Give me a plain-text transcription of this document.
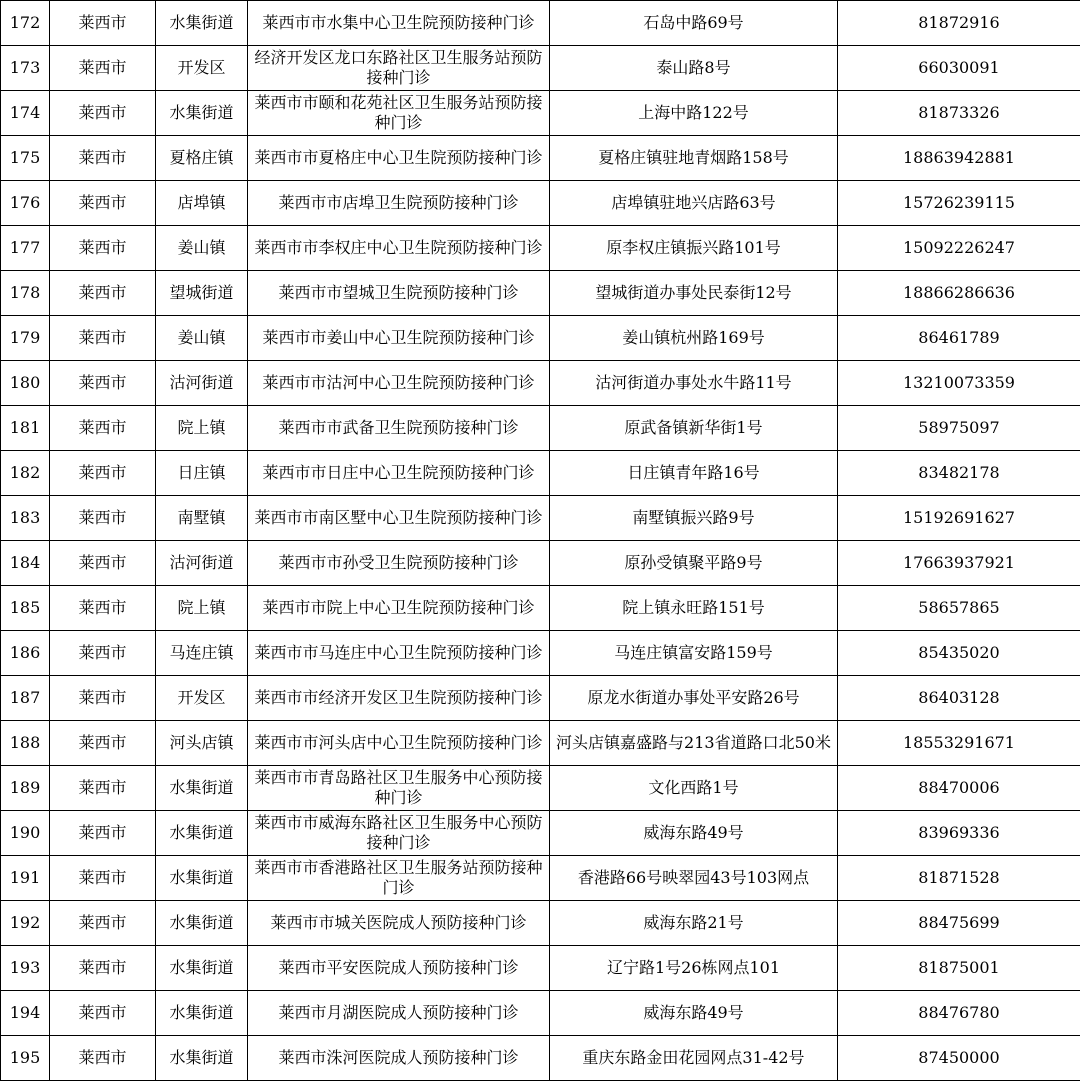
172	莱西市	水集街道	莱西市市水集中心卫生院预防接种门诊	石岛中路69号	81872916
173	莱西市	开发区	经济开发区龙口东路社区卫生服务站预防接种门诊	泰山路8号	66030091
174	莱西市	水集街道	莱西市市颐和花苑社区卫生服务站预防接种门诊	上海中路122号	81873326
175	莱西市	夏格庄镇	莱西市市夏格庄中心卫生院预防接种门诊	夏格庄镇驻地青烟路158号	18863942881
176	莱西市	店埠镇	莱西市市店埠卫生院预防接种门诊	店埠镇驻地兴店路63号	15726239115
177	莱西市	姜山镇	莱西市市李权庄中心卫生院预防接种门诊	原李权庄镇振兴路101号	15092226247
178	莱西市	望城街道	莱西市市望城卫生院预防接种门诊	望城街道办事处民泰街12号	18866286636
179	莱西市	姜山镇	莱西市市姜山中心卫生院预防接种门诊	姜山镇杭州路169号	86461789
180	莱西市	沽河街道	莱西市市沽河中心卫生院预防接种门诊	沽河街道办事处水牛路11号	13210073359
181	莱西市	院上镇	莱西市市武备卫生院预防接种门诊	原武备镇新华街1号	58975097
182	莱西市	日庄镇	莱西市市日庄中心卫生院预防接种门诊	日庄镇青年路16号	83482178
183	莱西市	南墅镇	莱西市市南区墅中心卫生院预防接种门诊	南墅镇振兴路9号	15192691627
184	莱西市	沽河街道	莱西市市孙受卫生院预防接种门诊	原孙受镇聚平路9号	17663937921
185	莱西市	院上镇	莱西市市院上中心卫生院预防接种门诊	院上镇永旺路151号	58657865
186	莱西市	马连庄镇	莱西市市马连庄中心卫生院预防接种门诊	马连庄镇富安路159号	85435020
187	莱西市	开发区	莱西市市经济开发区卫生院预防接种门诊	原龙水街道办事处平安路26号	86403128
188	莱西市	河头店镇	莱西市市河头店中心卫生院预防接种门诊	河头店镇嘉盛路与213省道路口北50米	18553291671
189	莱西市	水集街道	莱西市市青岛路社区卫生服务中心预防接种门诊	文化西路1号	88470006
190	莱西市	水集街道	莱西市市威海东路社区卫生服务中心预防接种门诊	威海东路49号	83969336
191	莱西市	水集街道	莱西市市香港路社区卫生服务站预防接种门诊	香港路66号映翠园43号103网点	81871528
192	莱西市	水集街道	莱西市市城关医院成人预防接种门诊	威海东路21号	88475699
193	莱西市	水集街道	莱西市平安医院成人预防接种门诊	辽宁路1号26栋网点101	81875001
194	莱西市	水集街道	莱西市月湖医院成人预防接种门诊	威海东路49号	88476780
195	莱西市	水集街道	莱西市洙河医院成人预防接种门诊	重庆东路金田花园网点31-42号	87450000
